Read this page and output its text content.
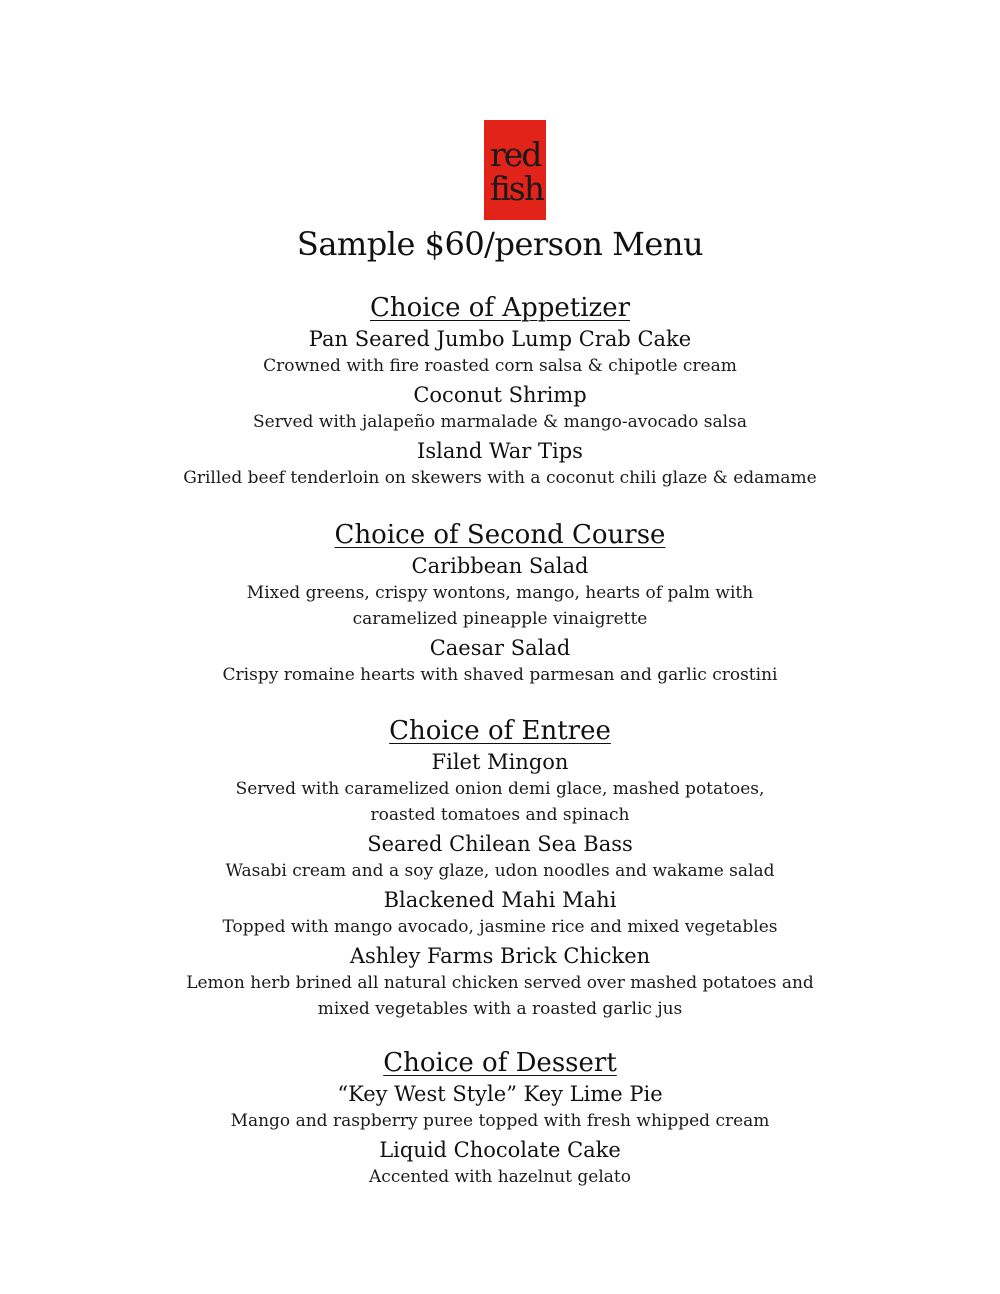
red
fish
Sample $60/person Menu
Choice of Appetizer
Pan Seared Jumbo Lump Crab Cake
Crowned with fire roasted corn salsa & chipotle cream
Coconut Shrimp
Served with jalapeño marmalade & mango-avocado salsa
Island War Tips
Grilled beef tenderloin on skewers with a coconut chili glaze & edamame
Choice of Second Course
Caribbean Salad
Mixed greens, crispy wontons, mango, hearts of palm with
caramelized pineapple vinaigrette
Caesar Salad
Crispy romaine hearts with shaved parmesan and garlic crostini
Choice of Entree
Filet Mingon
Served with caramelized onion demi glace, mashed potatoes,
roasted tomatoes and spinach
Seared Chilean Sea Bass
Wasabi cream and a soy glaze, udon noodles and wakame salad
Blackened Mahi Mahi
Topped with mango avocado, jasmine rice and mixed vegetables
Ashley Farms Brick Chicken
Lemon herb brined all natural chicken served over mashed potatoes and
mixed vegetables with a roasted garlic jus
Choice of Dessert
“Key West Style” Key Lime Pie
Mango and raspberry puree topped with fresh whipped cream
Liquid Chocolate Cake
Accented with hazelnut gelato
